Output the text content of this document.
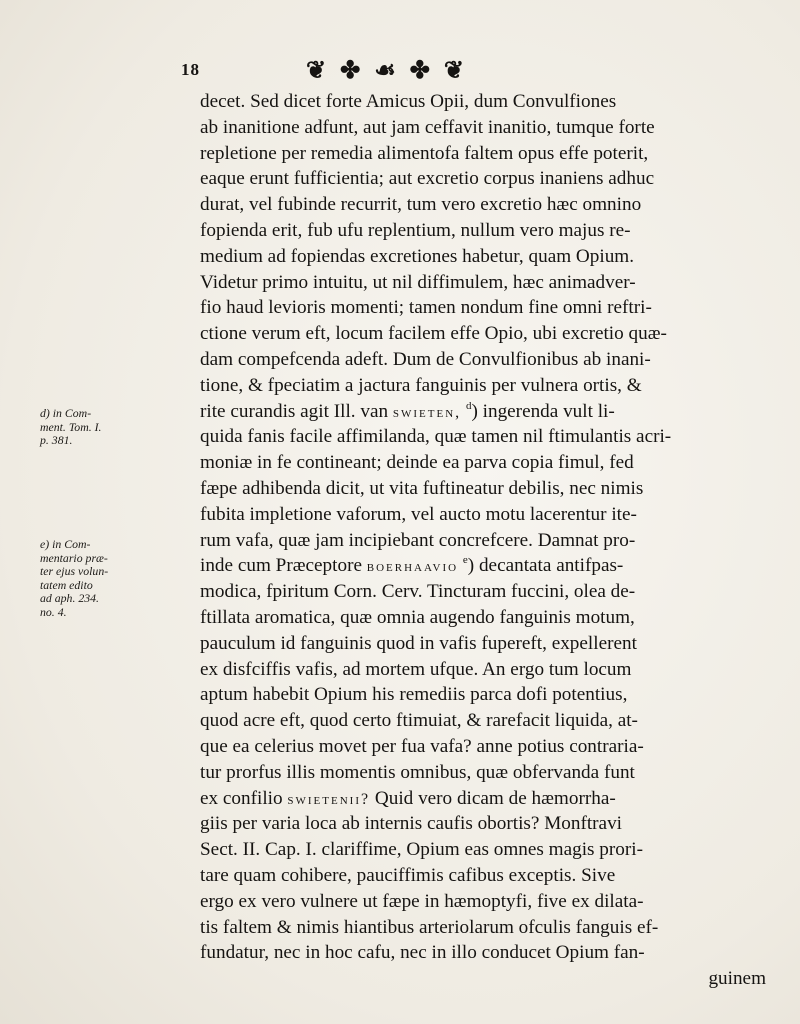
18	❦ ✤ ☙ ✤ ❦
decet. Sed dicet forte Amicus Opii, dum Convulfiones
ab inanitione adfunt, aut jam ceffavit inanitio, tumque forte
repletione per remedia alimentofa faltem opus effe poterit,
eaque erunt fufficientia; aut excretio corpus inaniens adhuc
durat, vel fubinde recurrit, tum vero excretio hæc omnino
fopienda erit, fub ufu replentium, nullum vero majus re-
medium ad fopiendas excretiones habetur, quam Opium.
Videtur primo intuitu, ut nil diffimulem, hæc animadver-
fio haud levioris momenti; tamen nondum fine omni reftri-
ctione verum eft, locum facilem effe Opio, ubi excretio quæ-
dam compefcenda adeft. Dum de Convulfionibus ab inani-
tione, & fpeciatim a jactura fanguinis per vulnera ortis, &
rite curandis agit Ill. van swieten, $^d$) ingerenda vult li-
quida fanis facile affimilanda, quæ tamen nil ftimulantis acri-
moniæ in fe contineant; deinde ea parva copia fimul, fed
fæpe adhibenda dicit, ut vita fuftineatur debilis, nec nimis
fubita impletione vaforum, vel aucto motu lacerentur ite-
rum vafa, quæ jam incipiebant concrefcere. Damnat pro-
inde cum Præceptore boerhaavio $^e$) decantata antifpas-
modica, fpiritum Corn. Cerv. Tincturam fuccini, olea de-
ftillata aromatica, quæ omnia augendo fanguinis motum,
pauculum id fanguinis quod in vafis fupereft, expellerent
ex disfciffis vafis, ad mortem ufque. An ergo tum locum
aptum habebit Opium his remediis parca dofi potentius,
quod acre eft, quod certo ftimuiat, & rarefacit liquida, at-
que ea celerius movet per fua vafa? anne potius contraria-
tur prorfus illis momentis omnibus, quæ obfervanda funt
ex confilio swietenii? Quid vero dicam de hæmorrha-
giis per varia loca ab internis caufis obortis? Monftravi
Sect. II. Cap. I. clariffime, Opium eas omnes magis prori-
tare quam cohibere, pauciffimis cafibus exceptis. Sive
ergo ex vero vulnere ut fæpe in hæmoptyfi, five ex dilata-
tis faltem & nimis hiantibus arteriolarum ofculis fanguis ef-
fundatur, nec in hoc cafu, nec in illo conducet Opium fan-
guinem
d) in Com-
ment. Tom. I.
p. 381.
e) in Com-
mentario præ-
ter ejus volun-
tatem edito
ad aph. 234.
no. 4.
